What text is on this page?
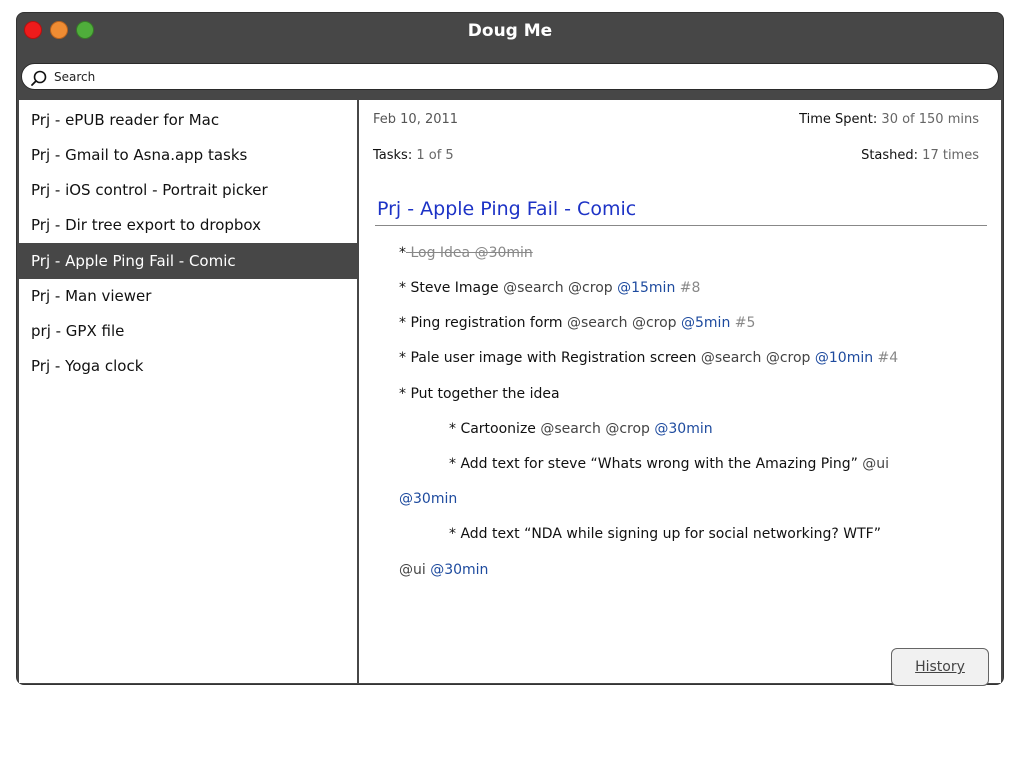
Doug Me
Search
Prj - ePUB reader for Mac
Prj - Gmail to Asna.app tasks
Prj - iOS control - Portrait picker
Prj - Dir tree export to dropbox
Prj - Apple Ping Fail - Comic
Prj - Man viewer
prj - GPX file
Prj - Yoga clock
Feb 10, 2011	Time Spent: 30 of 150 mins
Tasks: 1 of 5	Stashed: 17 times
Prj - Apple Ping Fail - Comic
* Log Idea @30min
* Steve Image @search @crop @15min #8
* Ping registration form @search @crop @5min #5
* Pale user image with Registration screen @search @crop @10min #4
* Put together the idea
* Cartoonize @search @crop @30min
* Add text for steve “Whats wrong with the Amazing Ping” @ui
@30min
* Add text “NDA while signing up for social networking? WTF”
@ui @30min
History
